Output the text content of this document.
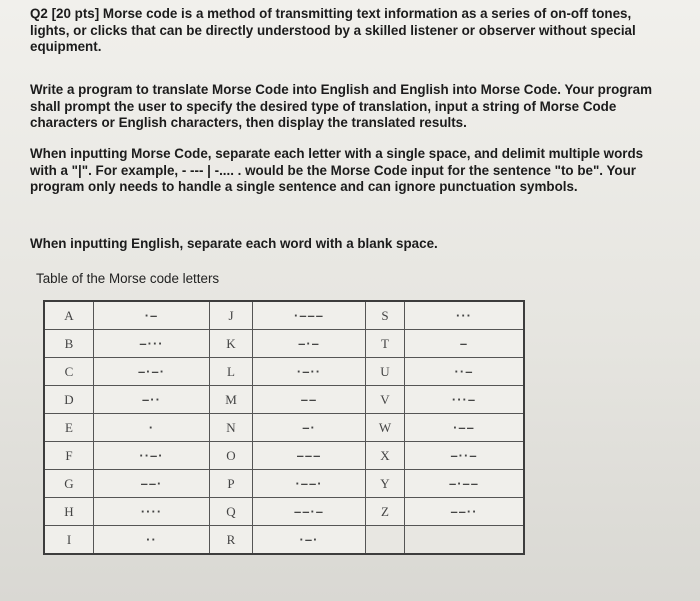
Q2 [20 pts] Morse code is a method of transmitting text information as a series of on-off tones, lights, or clicks that can be directly understood by a skilled listener or observer without special equipment.
Write a program to translate Morse Code into English and English into Morse Code. Your program shall prompt the user to specify the desired type of translation, input a string of Morse Code characters or English characters, then display the translated results.
When inputting Morse Code, separate each letter with a single space, and delimit multiple words with a "|". For example, - --- | -.... . would be the Morse Code input for the sentence "to be". Your program only needs to handle a single sentence and can ignore punctuation symbols.
When inputting English, separate each word with a blank space.
Table of the Morse code letters
A	·–	J	·–––	S	···
B	–···	K	–·–	T	–
C	–·–·	L	·–··	U	··–
D	–··	M	––	V	···–
E	·	N	–·	W	·––
F	··–·	O	–––	X	–··–
G	––·	P	·––·	Y	–·––
H	····	Q	––·–	Z	––··
I	··	R	·–·		
